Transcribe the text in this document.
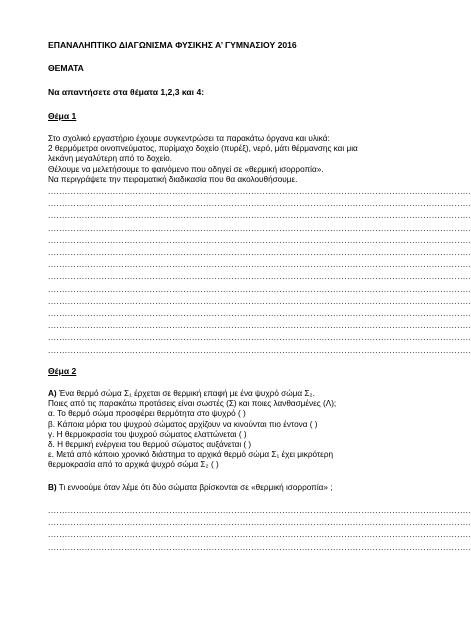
ΕΠΑΝΑΛΗΠΤΙΚΟ ΔΙΑΓΩΝΙΣΜΑ ΦΥΣΙΚΗΣ Α’ ΓΥΜΝΑΣΙΟΥ 2016
ΘΕΜΑΤΑ
Να απαντήσετε στα θέματα 1,2,3 και 4:
Θέμα 1
Στο σχολικό εργαστήριο έχουμε συγκεντρώσει τα παρακάτω όργανα και υλικά:
2 θερμόμετρα οινοπνεύματος, πυρίμαχο δοχείο (πυρέξ), νερό, μάτι θέρμανσης και μια
λεκάνη μεγαλύτερη από το δοχείο.
Θέλουμε να μελετήσουμε το φαινόμενο που οδηγεί σε «θερμική ισορροπία».
Να περιγράψετε την πειραματική διαδικασία που θα ακολουθήσουμε.
......................................................................................................................................................
......................................................................................................................................................
......................................................................................................................................................
......................................................................................................................................................
......................................................................................................................................................
......................................................................................................................................................
......................................................................................................................................................
......................................................................................................................................................
......................................................................................................................................................
......................................................................................................................................................
......................................................................................................................................................
......................................................................................................................................................
......................................................................................................................................................
......................................................................................................................................................
Θέμα 2
Α) Ένα θερμό σώμα Σ₁ έρχεται σε θερμική επαφή με ένα ψυχρό σώμα Σ₂.
Ποιες από τις παρακάτω προτάσεις είναι σωστές (Σ) και ποιες λανθασμένες (Λ);
α. Το θερμό σώμα προσφέρει θερμότητα στο ψυχρό ( )
β. Κάποια μόρια του ψυχρού σώματος αρχίζουν να κινούνται πιο έντονα ( )
γ. Η θερμοκρασία του ψυχρού σώματος ελαττώνεται ( )
δ. Η θερμική ενέργεια του θερμού σώματος αυξάνεται ( )
ε. Μετά από κάποιο χρονικό διάστημα το αρχικά θερμό σώμα Σ₁ έχει μικρότερη
θερμοκρασία από το αρχικά ψυχρό σώμα Σ₂ ( )
Β) Τι εννοούμε όταν λέμε ότι δύο σώματα βρίσκονται σε «θερμική ισορροπία» ;
......................................................................................................................................................
......................................................................................................................................................
......................................................................................................................................................
......................................................................................................................................................
